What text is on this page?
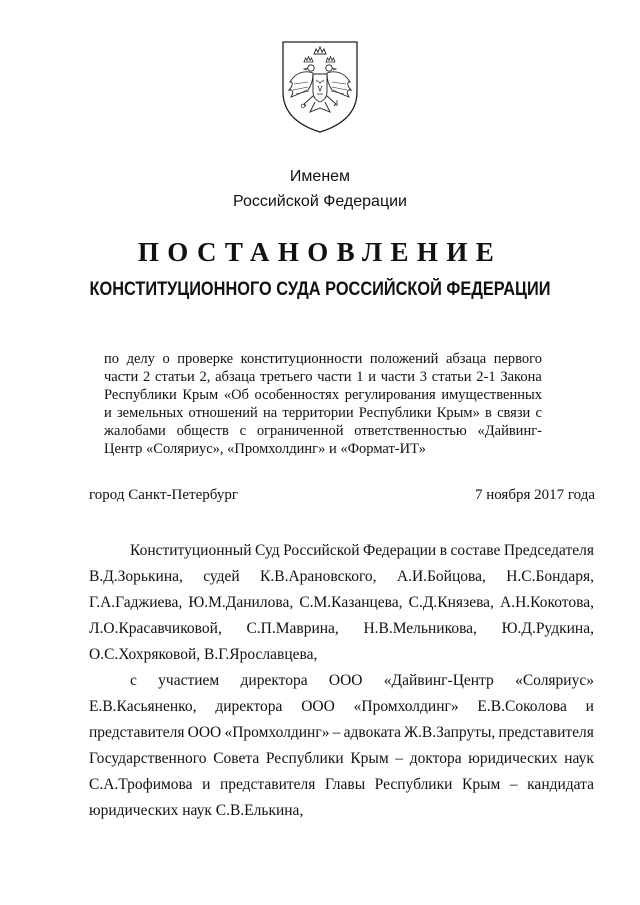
Именем
Российской Федерации
ПОСТАНОВЛЕНИЕ
КОНСТИТУЦИОННОГО СУДА РОССИЙСКОЙ ФЕДЕРАЦИИ
по делу о проверке конституционности положений абзаца первого
части 2 статьи 2, абзаца третьего части 1 и части 3 статьи 2-1 Закона
Республики Крым «Об особенностях регулирования имущественных
и земельных отношений на территории Республики Крым» в связи с
жалобами обществ с ограниченной ответственностью «Дайвинг-
Центр «Соляриус», «Промхолдинг» и «Формат-ИТ»
город Санкт-Петербург	7 ноября 2017 года
Конституционный Суд Российской Федерации в составе Председателя
В.Д.Зорькина, судей К.В.Арановского, А.И.Бойцова, Н.С.Бондаря,
Г.А.Гаджиева, Ю.М.Данилова, С.М.Казанцева, С.Д.Князева, А.Н.Кокотова,
Л.О.Красавчиковой, С.П.Маврина, Н.В.Мельникова, Ю.Д.Рудкина,
О.С.Хохряковой, В.Г.Ярославцева,
с участием директора ООО «Дайвинг-Центр «Соляриус»
Е.В.Касьяненко, директора ООО «Промхолдинг» Е.В.Соколова и
представителя ООО «Промхолдинг» – адвоката Ж.В.Запруты, представителя
Государственного Совета Республики Крым – доктора юридических наук
С.А.Трофимова и представителя Главы Республики Крым – кандидата
юридических наук С.В.Елькина,
